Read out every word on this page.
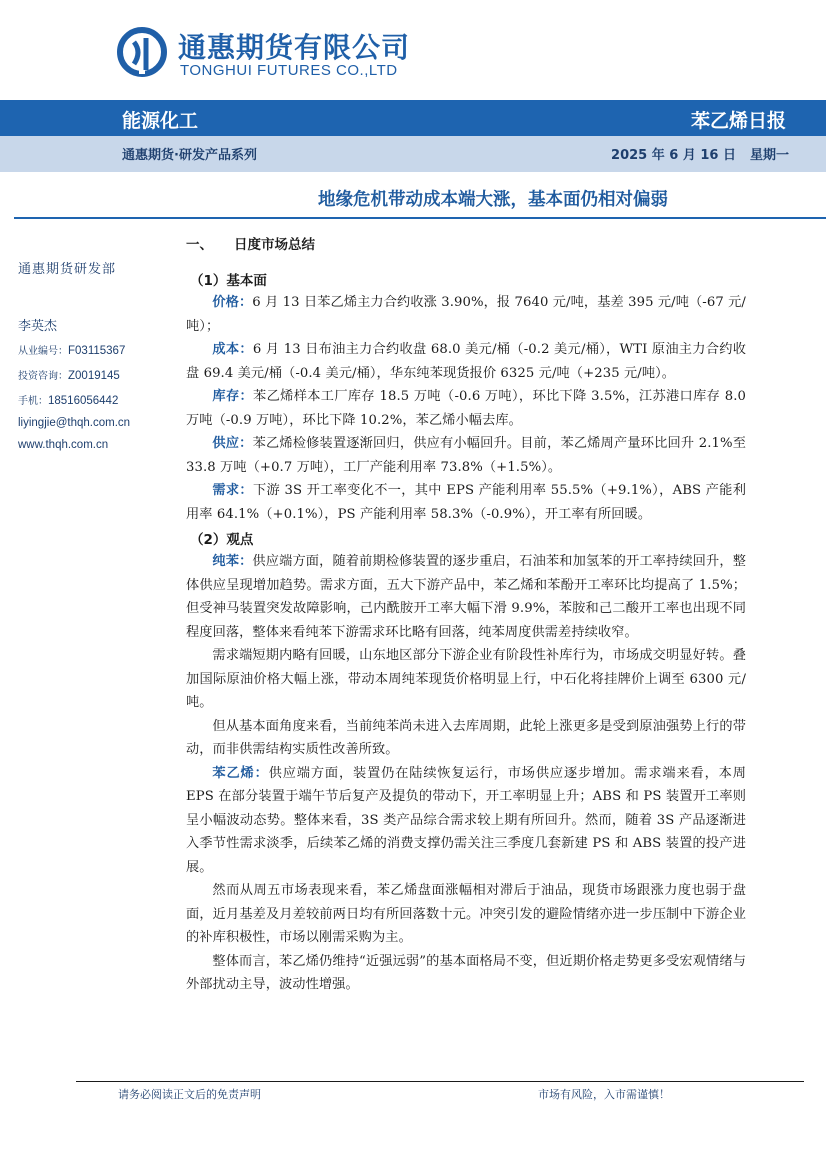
通惠期货有限公司
TONGHUI FUTURES CO.,LTD
能源化工	苯乙烯日报
通惠期货·研发产品系列	2025 年 6 月 16 日 星期一
地缘危机带动成本端大涨，基本面仍相对偏弱
通惠期货研发部
李英杰
从业编号：F03115367
投资咨询：Z0019145
手机：18516056442
liyingjie@thqh.com.cn
www.thqh.com.cn
一、 日度市场总结
（1）基本面

价格：6 月 13 日苯乙烯主力合约收涨 3.90%，报 7640 元/吨，基差 395 元/吨（-67 元/吨）；

成本：6 月 13 日布油主力合约收盘 68.0 美元/桶（-0.2 美元/桶），WTI 原油主力合约收盘 69.4 美元/桶（-0.4 美元/桶），华东纯苯现货报价 6325 元/吨（+235 元/吨）。

库存：苯乙烯样本工厂库存 18.5 万吨（-0.6 万吨），环比下降 3.5%，江苏港口库存 8.0 万吨（-0.9 万吨），环比下降 10.2%，苯乙烯小幅去库。

供应：苯乙烯检修装置逐渐回归，供应有小幅回升。目前，苯乙烯周产量环比回升 2.1%至 33.8 万吨（+0.7 万吨），工厂产能利用率 73.8%（+1.5%）。

需求：下游 3S 开工率变化不一，其中 EPS 产能利用率 55.5%（+9.1%），ABS 产能利用率 64.1%（+0.1%），PS 产能利用率 58.3%（-0.9%），开工率有所回暖。

（2）观点

纯苯：供应端方面，随着前期检修装置的逐步重启，石油苯和加氢苯的开工率持续回升，整体供应呈现增加趋势。需求方面，五大下游产品中，苯乙烯和苯酚开工率环比均提高了 1.5%；但受神马装置突发故障影响，己内酰胺开工率大幅下滑 9.9%，苯胺和己二酸开工率也出现不同程度回落，整体来看纯苯下游需求环比略有回落，纯苯周度供需差持续收窄。

需求端短期内略有回暖，山东地区部分下游企业有阶段性补库行为，市场成交明显好转。叠加国际原油价格大幅上涨，带动本周纯苯现货价格明显上行，中石化将挂牌价上调至 6300 元/吨。

但从基本面角度来看，当前纯苯尚未进入去库周期，此轮上涨更多是受到原油强势上行的带动，而非供需结构实质性改善所致。

苯乙烯：供应端方面，装置仍在陆续恢复运行，市场供应逐步增加。需求端来看，本周 EPS 在部分装置于端午节后复产及提负的带动下，开工率明显上升；ABS 和 PS 装置开工率则呈小幅波动态势。整体来看，3S 类产品综合需求较上期有所回升。然而，随着 3S 产品逐渐进入季节性需求淡季，后续苯乙烯的消费支撑仍需关注三季度几套新建 PS 和 ABS 装置的投产进展。

然而从周五市场表现来看，苯乙烯盘面涨幅相对滞后于油品，现货市场跟涨力度也弱于盘面，近月基差及月差较前两日均有所回落数十元。冲突引发的避险情绪亦进一步压制中下游企业的补库积极性，市场以刚需采购为主。

整体而言，苯乙烯仍维持“近强远弱”的基本面格局不变，但近期价格走势更多受宏观情绪与外部扰动主导，波动性增强。

请务必阅读正文后的免责声明	市场有风险，入市需谨慎！
